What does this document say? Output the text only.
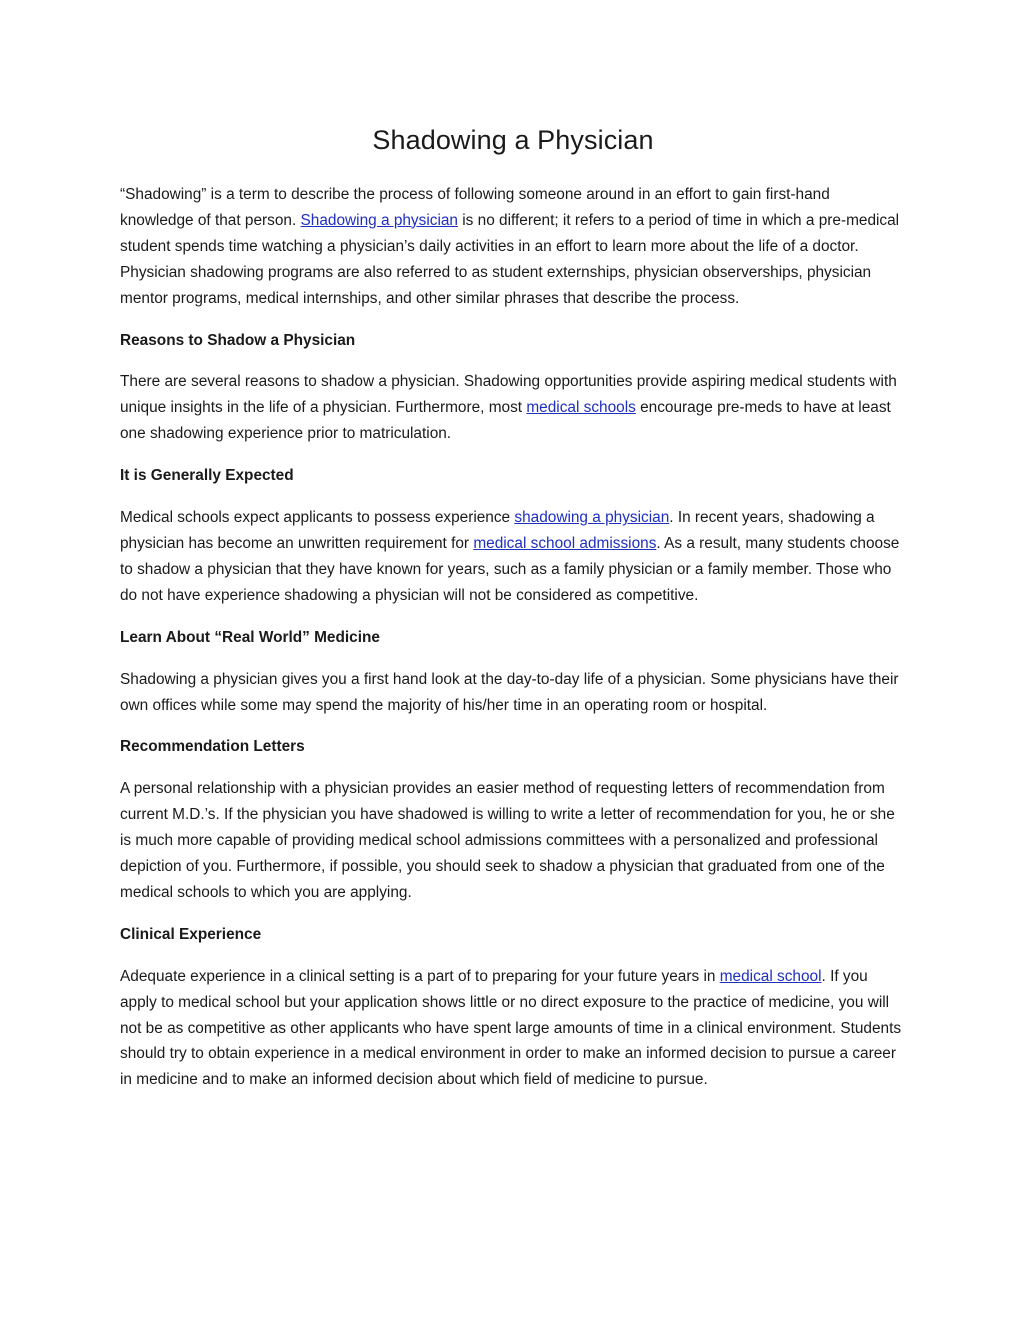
Shadowing a Physician

“Shadowing” is a term to describe the process of following someone around in an effort to gain first-hand knowledge of that person. Shadowing a physician is no different; it refers to a period of time in which a pre-medical student spends time watching a physician’s daily activities in an effort to learn more about the life of a doctor. Physician shadowing programs are also referred to as student externships, physician observerships, physician mentor programs, medical internships, and other similar phrases that describe the process.

Reasons to Shadow a Physician

There are several reasons to shadow a physician. Shadowing opportunities provide aspiring medical students with unique insights in the life of a physician. Furthermore, most medical schools encourage pre-meds to have at least one shadowing experience prior to matriculation.

It is Generally Expected

Medical schools expect applicants to possess experience shadowing a physician. In recent years, shadowing a physician has become an unwritten requirement for medical school admissions. As a result, many students choose to shadow a physician that they have known for years, such as a family physician or a family member. Those who do not have experience shadowing a physician will not be considered as competitive.

Learn About “Real World” Medicine

Shadowing a physician gives you a first hand look at the day-to-day life of a physician. Some physicians have their own offices while some may spend the majority of his/her time in an operating room or hospital.

Recommendation Letters

A personal relationship with a physician provides an easier method of requesting letters of recommendation from current M.D.’s. If the physician you have shadowed is willing to write a letter of recommendation for you, he or she is much more capable of providing medical school admissions committees with a personalized and professional depiction of you. Furthermore, if possible, you should seek to shadow a physician that graduated from one of the medical schools to which you are applying.

Clinical Experience

Adequate experience in a clinical setting is a part of to preparing for your future years in medical school. If you apply to medical school but your application shows little or no direct exposure to the practice of medicine, you will not be as competitive as other applicants who have spent large amounts of time in a clinical environment. Students should try to obtain experience in a medical environment in order to make an informed decision to pursue a career in medicine and to make an informed decision about which field of medicine to pursue.
